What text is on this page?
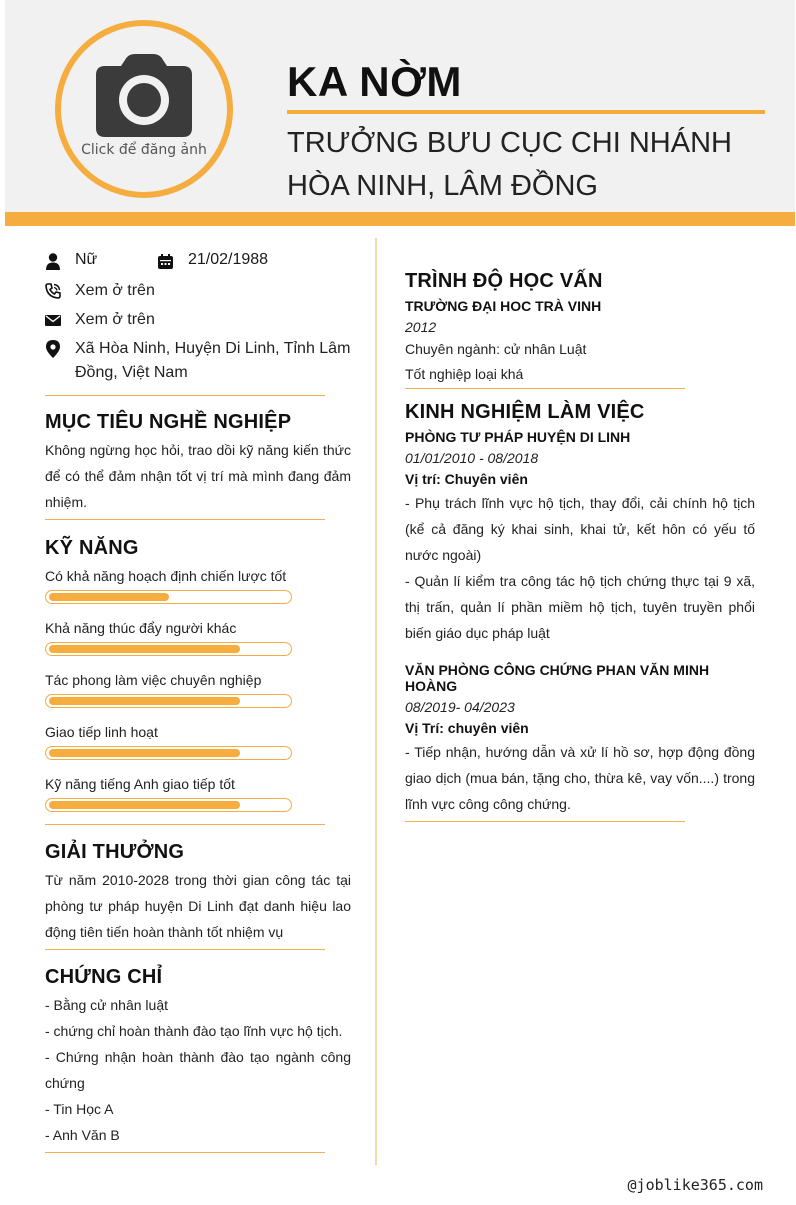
Click để đăng ảnh
KA NỜM
TRƯỞNG BƯU CỤC CHI NHÁNH
HÒA NINH, LÂM ĐỒNG
Nữ	21/02/1988
Xem ở trên
Xem ở trên
Xã Hòa Ninh, Huyện Di Linh, Tỉnh Lâm Đồng, Việt Nam
MỤC TIÊU NGHỀ NGHIỆP
Không ngừng học hỏi, trao dồi kỹ năng kiến thức để có thể đảm nhận tốt vị trí mà mình đang đảm nhiệm.
KỸ NĂNG
Có khả năng hoạch định chiến lược tốt
Khả năng thúc đẩy người khác
Tác phong làm việc chuyên nghiệp
Giao tiếp linh hoạt
Kỹ năng tiếng Anh giao tiếp tốt
GIẢI THƯỞNG
Từ năm 2010-2028 trong thời gian công tác tại phòng tư pháp huyện Di Linh đạt danh hiệu lao động tiên tiến hoàn thành tốt nhiệm vụ
CHỨNG CHỈ
- Bằng cử nhân luật
- chứng chỉ hoàn thành đào tạo lĩnh vực hộ tịch.
- Chứng nhận hoàn thành đào tạo ngành công chứng
- Tin Học A
- Anh Văn B
TRÌNH ĐỘ HỌC VẤN
TRƯỜNG ĐẠI HOC TRÀ VINH
2012
Chuyên ngành: cử nhân Luật
Tốt nghiệp loại khá
KINH NGHIỆM LÀM VIỆC
PHÒNG TƯ PHÁP HUYỆN DI LINH
01/01/2010 - 08/2018
Vị trí: Chuyên viên
- Phụ trách lĩnh vực hộ tịch, thay đổi, cải chính hộ tịch (kể cả đăng ký khai sinh, khai tử, kết hôn có yếu tố nước ngoài)
- Quản lí kiểm tra công tác hộ tịch chứng thực tại 9 xã, thị trấn, quản lí phần miềm hộ tịch, tuyên truyền phổi biến giáo dục pháp luật
VĂN PHÒNG CÔNG CHỨNG PHAN VĂN MINH HOÀNG
08/2019- 04/2023
Vị Trí: chuyên viên
- Tiếp nhận, hướng dẫn và xử lí hồ sơ, hợp động đồng giao dịch (mua bán, tặng cho, thừa kê, vay vốn....) trong lĩnh vực công công chứng.
@joblike365.com
